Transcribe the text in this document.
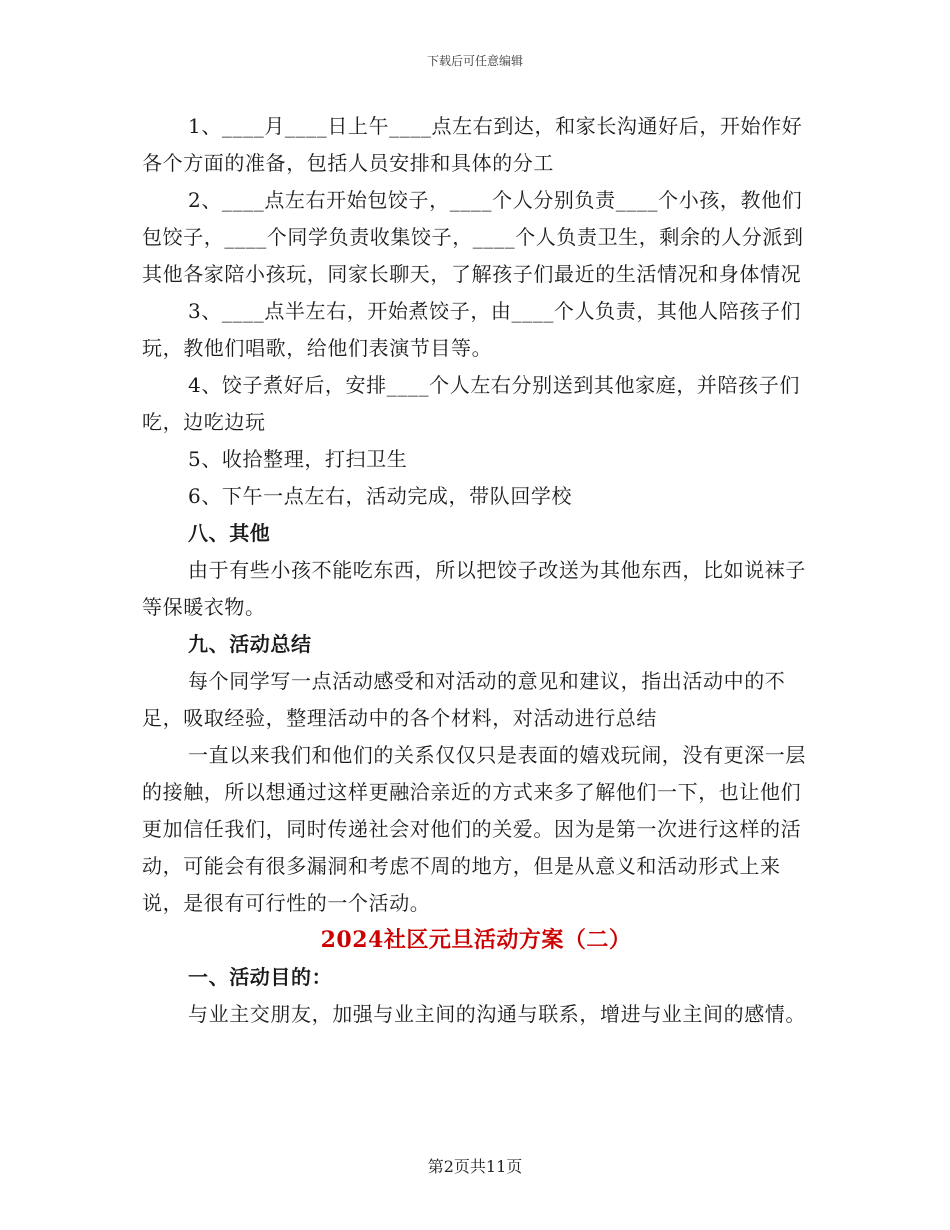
下载后可任意编辑

1、____月____日上午____点左右到达，和家长沟通好后，开始作好各个方面的准备，包括人员安排和具体的分工

2、____点左右开始包饺子，____个人分别负责____个小孩，教他们包饺子，____个同学负责收集饺子，____个人负责卫生，剩余的人分派到其他各家陪小孩玩，同家长聊天，了解孩子们最近的生活情况和身体情况

3、____点半左右，开始煮饺子，由____个人负责，其他人陪孩子们玩，教他们唱歌，给他们表演节目等。

4、饺子煮好后，安排____个人左右分别送到其他家庭，并陪孩子们吃，边吃边玩

5、收拾整理，打扫卫生

6、下午一点左右，活动完成，带队回学校

八、其他

由于有些小孩不能吃东西，所以把饺子改送为其他东西，比如说袜子等保暖衣物。

九、活动总结

每个同学写一点活动感受和对活动的意见和建议，指出活动中的不足，吸取经验，整理活动中的各个材料，对活动进行总结

一直以来我们和他们的关系仅仅只是表面的嬉戏玩闹，没有更深一层的接触，所以想通过这样更融洽亲近的方式来多了解他们一下，也让他们更加信任我们，同时传递社会对他们的关爱。因为是第一次进行这样的活动，可能会有很多漏洞和考虑不周的地方，但是从意义和活动形式上来说，是很有可行性的一个活动。

2024社区元旦活动方案（二）

一、活动目的：

与业主交朋友，加强与业主间的沟通与联系，增进与业主间的感情。

第2页共11页
